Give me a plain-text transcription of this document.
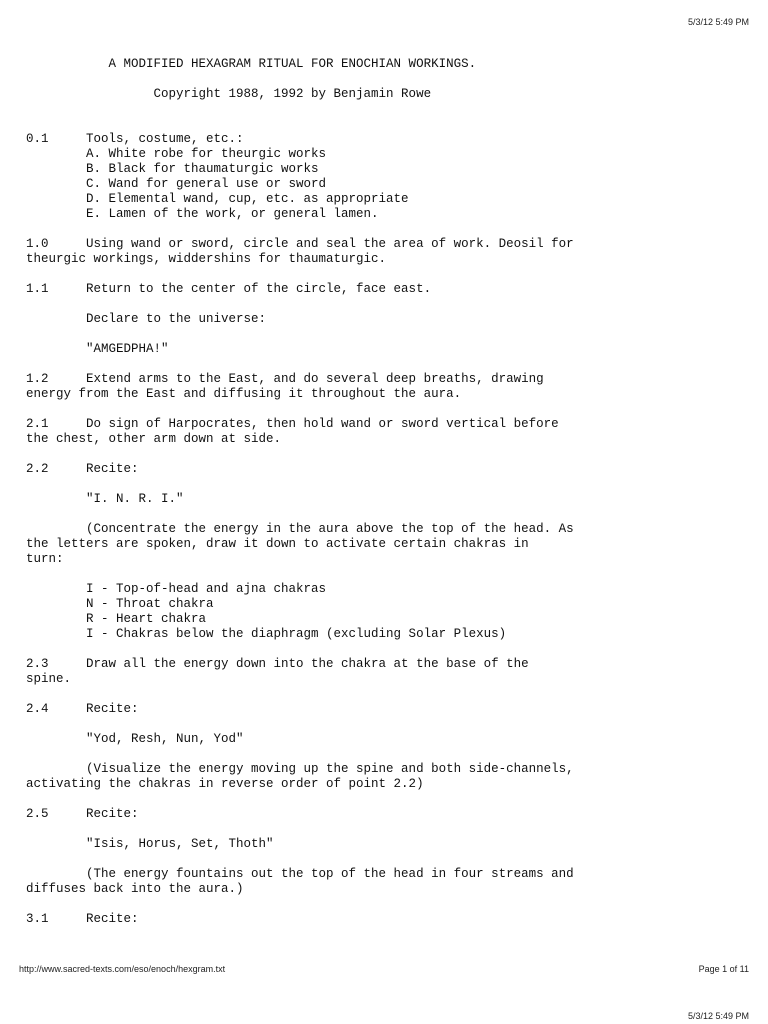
5/3/12 5:49 PM
A MODIFIED HEXAGRAM RITUAL FOR ENOCHIAN WORKINGS.
Copyright 1988, 1992 by Benjamin Rowe
0.1     Tools, costume, etc.:
A. White robe for theurgic works
B. Black for thaumaturgic works
C. Wand for general use or sword
D. Elemental wand, cup, etc. as appropriate
E. Lamen of the work, or general lamen.
1.0     Using wand or sword, circle and seal the area of work. Deosil for
theurgic workings, widdershins for thaumaturgic.
1.1     Return to the center of the circle, face east.
Declare to the universe:
"AMGEDPHA!"
1.2     Extend arms to the East, and do several deep breaths, drawing
energy from the East and diffusing it throughout the aura.
2.1     Do sign of Harpocrates, then hold wand or sword vertical before
the chest, other arm down at side.
2.2     Recite:
"I. N. R. I."
(Concentrate the energy in the aura above the top of the head. As
the letters are spoken, draw it down to activate certain chakras in
turn:
I - Top-of-head and ajna chakras
N - Throat chakra
R - Heart chakra
I - Chakras below the diaphragm (excluding Solar Plexus)
2.3     Draw all the energy down into the chakra at the base of the
spine.
2.4     Recite:
"Yod, Resh, Nun, Yod"
(Visualize the energy moving up the spine and both side-channels,
activating the chakras in reverse order of point 2.2)
2.5     Recite:
"Isis, Horus, Set, Thoth"
(The energy fountains out the top of the head in four streams and
diffuses back into the aura.)
3.1     Recite:
http://www.sacred-texts.com/eso/enoch/hexgram.txt	Page 1 of 11
5/3/12 5:49 PM
